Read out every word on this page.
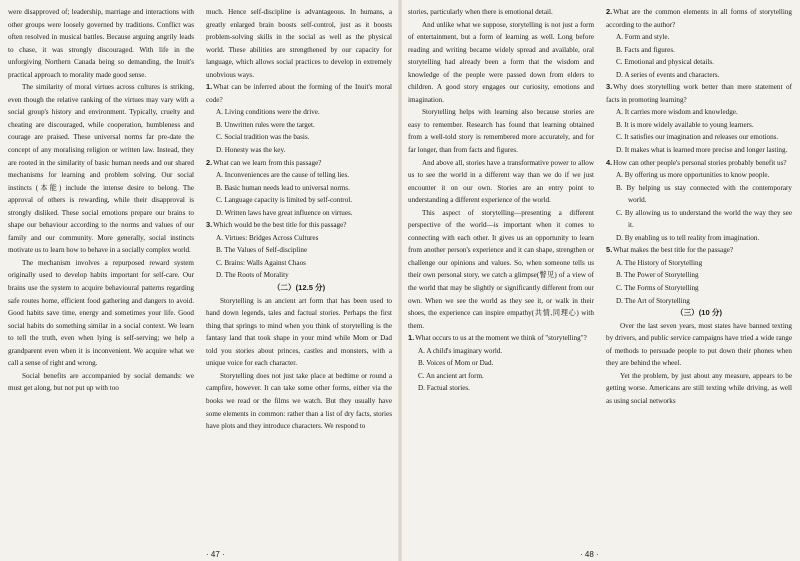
were disapproved of; leadership, marriage and interactions with other groups were loosely governed by traditions. Conflict was often resolved in musical battles. Because arguing angrily leads to chase, it was strongly discouraged. With life in the unforgiving Northern Canada being so demanding, the Inuit's practical approach to morality made good sense.

The similarity of moral virtues across cultures is striking, even though the relative ranking of the virtues may vary with a social group's history and environment. Typically, cruelty and cheating are discouraged, while cooperation, humbleness and courage are praised. These universal norms far pre-date the concept of any moralising religion or written law. Instead, they are rooted in the similarity of basic human needs and our shared mechanisms for learning and problem solving. Our social instincts (本能) include the intense desire to belong. The approval of others is rewarding, while their disapproval is strongly disliked. These social emotions prepare our brains to shape our behaviour according to the norms and values of our family and our community. More generally, social instincts motivate us to learn how to behave in a socially complex world.

The mechanism involves a repurposed reward system originally used to develop habits important for self-care. Our brains use the system to acquire behavioural patterns regarding safe routes home, efficient food gathering and dangers to avoid. Good habits save time, energy and sometimes your life. Good social habits do something similar in a social context. We learn to tell the truth, even when lying is self-serving; we help a grandparent even when it is inconvenient. We acquire what we call a sense of right and wrong.

Social benefits are accompanied by social demands: we must get along, but not put up with too

much. Hence self-discipline is advantageous. In humans, a greatly enlarged brain boosts self-control, just as it boosts problem-solving skills in the social as well as the physical world. These abilities are strengthened by our capacity for language, which allows social practices to develop in extremely unobvious ways.

1.What can be inferred about the forming of the Inuit's moral code?
A. Living conditions were the drive.
B. Unwritten rules were the target.
C. Social tradition was the basis.
D. Honesty was the key.
2.What can we learn from this passage?
A. Inconveniences are the cause of telling lies.
B. Basic human needs lead to universal norms.
C. Language capacity is limited by self-control.
D. Written laws have great influence on virtues.
3.Which would be the best title for this passage?
A. Virtues: Bridges Across Cultures
B. The Values of Self-discipline
C. Brains: Walls Against Chaos
D. The Roots of Morality
（二）(12.5 分)

Storytelling is an ancient art form that has been used to hand down legends, tales and factual stories. Perhaps the first thing that springs to mind when you think of storytelling is the fantasy land that took shape in your mind while Mom or Dad told you stories about princes, castles and monsters, with a unique voice for each character.

Storytelling does not just take place at bedtime or round a campfire, however. It can take some other forms, either via the books we read or the films we watch. But they usually have some elements in common: rather than a list of dry facts, stories have plots and they introduce characters. We respond to

· 47 ·

stories, particularly when there is emotional detail.

And unlike what we suppose, storytelling is not just a form of entertainment, but a form of learning as well. Long before reading and writing became widely spread and available, oral storytelling had already been a form that the wisdom and knowledge of the people were passed down from elders to children. A good story engages our curiosity, emotions and imagination.

Storytelling helps with learning also because stories are easy to remember. Research has found that learning obtained from a well-told story is remembered more accurately, and for far longer, than from facts and figures.

And above all, stories have a transformative power to allow us to see the world in a different way than we do if we just encounter it on our own. Stories are an entry point to understanding a different experience of the world.

This aspect of storytelling—presenting a different perspective of the world—is important when it comes to connecting with each other. It gives us an opportunity to learn from another person's experience and it can shape, strengthen or challenge our opinions and values. So, when someone tells us their own personal story, we catch a glimpse(瞥见) of a view of the world that may be slightly or significantly different from our own. When we see the world as they see it, or walk in their shoes, the experience can inspire empathy(共情,同理心) with them.

1.What occurs to us at the moment we think of "storytelling"?
A. A child's imaginary world.
B. Voices of Mom or Dad.
C. An ancient art form.
D. Factual stories.
2.What are the common elements in all forms of storytelling according to the author?
A. Form and style.
B. Facts and figures.
C. Emotional and physical details.
D. A series of events and characters.
3.Why does storytelling work better than mere statement of facts in promoting learning?
A. It carries more wisdom and knowledge.
B. It is more widely available to young learners.
C. It satisfies our imagination and releases our emotions.
D. It makes what is learned more precise and longer lasting.
4.How can other people's personal stories probably benefit us?
A. By offering us more opportunities to know people.
B. By helping us stay connected with the contemporary world.
C. By allowing us to understand the world the way they see it.
D. By enabling us to tell reality from imagination.
5.What makes the best title for the passage?
A. The History of Storytelling
B. The Power of Storytelling
C. The Forms of Storytelling
D. The Art of Storytelling
（三）(10 分)

Over the last seven years, most states have banned texting by drivers, and public service campaigns have tried a wide range of methods to persuade people to put down their phones when they are behind the wheel.

Yet the problem, by just about any measure, appears to be getting worse. Americans are still texting while driving, as well as using social networks

· 48 ·
